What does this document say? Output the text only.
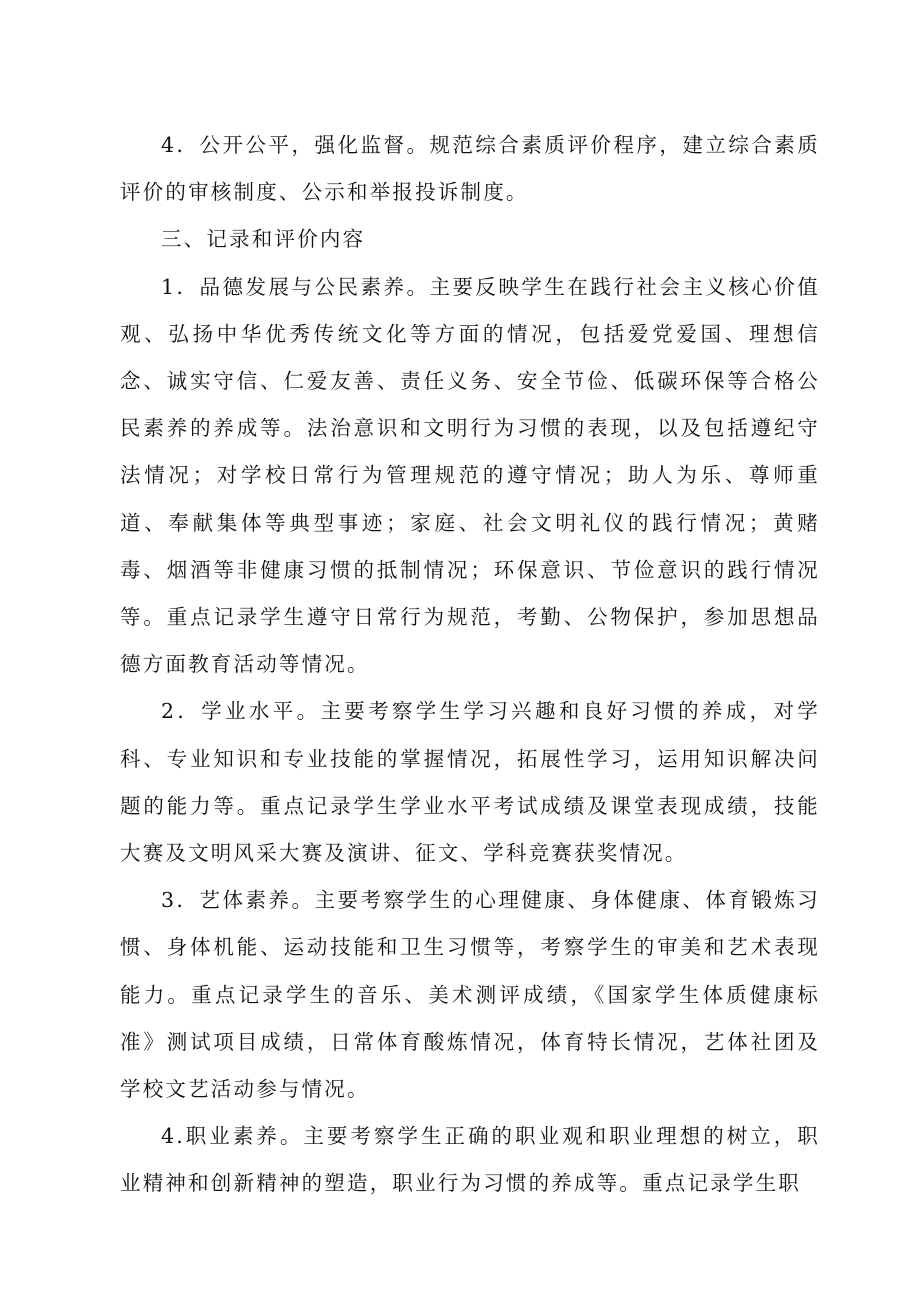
4．公开公平，强化监督。规范综合素质评价程序，建立综合素质评价的审核制度、公示和举报投诉制度。

三、记录和评价内容

1．品德发展与公民素养。主要反映学生在践行社会主义核心价值观、弘扬中华优秀传统文化等方面的情况，包括爱党爱国、理想信念、诚实守信、仁爱友善、责任义务、安全节俭、低碳环保等合格公民素养的养成等。法治意识和文明行为习惯的表现，以及包括遵纪守法情况；对学校日常行为管理规范的遵守情况；助人为乐、尊师重道、奉献集体等典型事迹；家庭、社会文明礼仪的践行情况；黄赌毒、烟酒等非健康习惯的抵制情况；环保意识、节俭意识的践行情况等。重点记录学生遵守日常行为规范，考勤、公物保护，参加思想品德方面教育活动等情况。

2．学业水平。主要考察学生学习兴趣和良好习惯的养成，对学科、专业知识和专业技能的掌握情况，拓展性学习，运用知识解决问题的能力等。重点记录学生学业水平考试成绩及课堂表现成绩，技能大赛及文明风采大赛及演讲、征文、学科竞赛获奖情况。

3．艺体素养。主要考察学生的心理健康、身体健康、体育锻炼习惯、身体机能、运动技能和卫生习惯等，考察学生的审美和艺术表现能力。重点记录学生的音乐、美术测评成绩，《国家学生体质健康标准》测试项目成绩，日常体育酸炼情况，体育特长情况，艺体社团及学校文艺活动参与情况。

4.职业素养。主要考察学生正确的职业观和职业理想的树立，职业精神和创新精神的塑造，职业行为习惯的养成等。重点记录学生职
